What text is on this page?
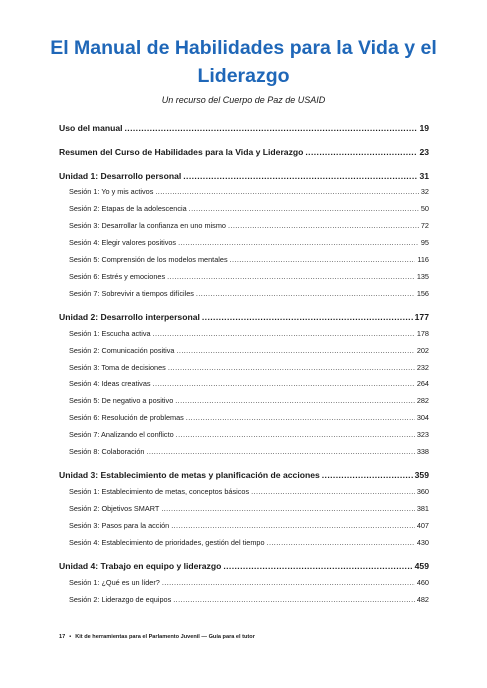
El Manual de Habilidades para la Vida y el Liderazgo
Un recurso del Cuerpo de Paz de USAID
Uso del manual .....	19
Resumen del Curso de Habilidades para la Vida y Liderazgo .....	23
Unidad 1: Desarrollo personal .....	31
Sesión 1: Yo y mis activos .....	32
Sesión 2: Etapas de la adolescencia .....	50
Sesión 3: Desarrollar la confianza en uno mismo .....	72
Sesión 4: Elegir valores positivos .....	95
Sesión 5: Comprensión de los modelos mentales .....	116
Sesión 6: Estrés y emociones .....	135
Sesión 7: Sobrevivir a tiempos difíciles .....	156
Unidad 2: Desarrollo interpersonal .....	177
Sesión 1: Escucha activa .....	178
Sesión 2: Comunicación positiva .....	202
Sesión 3: Toma de decisiones .....	232
Sesión 4: Ideas creativas .....	264
Sesión 5: De negativo a positivo .....	282
Sesión 6: Resolución de problemas .....	304
Sesión 7: Analizando el conflicto .....	323
Sesión 8: Colaboración .....	338
Unidad 3: Establecimiento de metas y planificación de acciones .....	359
Sesión 1: Establecimiento de metas, conceptos básicos .....	360
Sesión 2: Objetivos SMART .....	381
Sesión 3: Pasos para la acción .....	407
Sesión 4: Establecimiento de prioridades, gestión del tiempo .....	430
Unidad 4: Trabajo en equipo y liderazgo .....	459
Sesión 1: ¿Qué es un líder? .....	460
Sesión 2: Liderazgo de equipos .....	482
17 • Kit de herramientas para el Parlamento Juvenil — Guía para el tutor
